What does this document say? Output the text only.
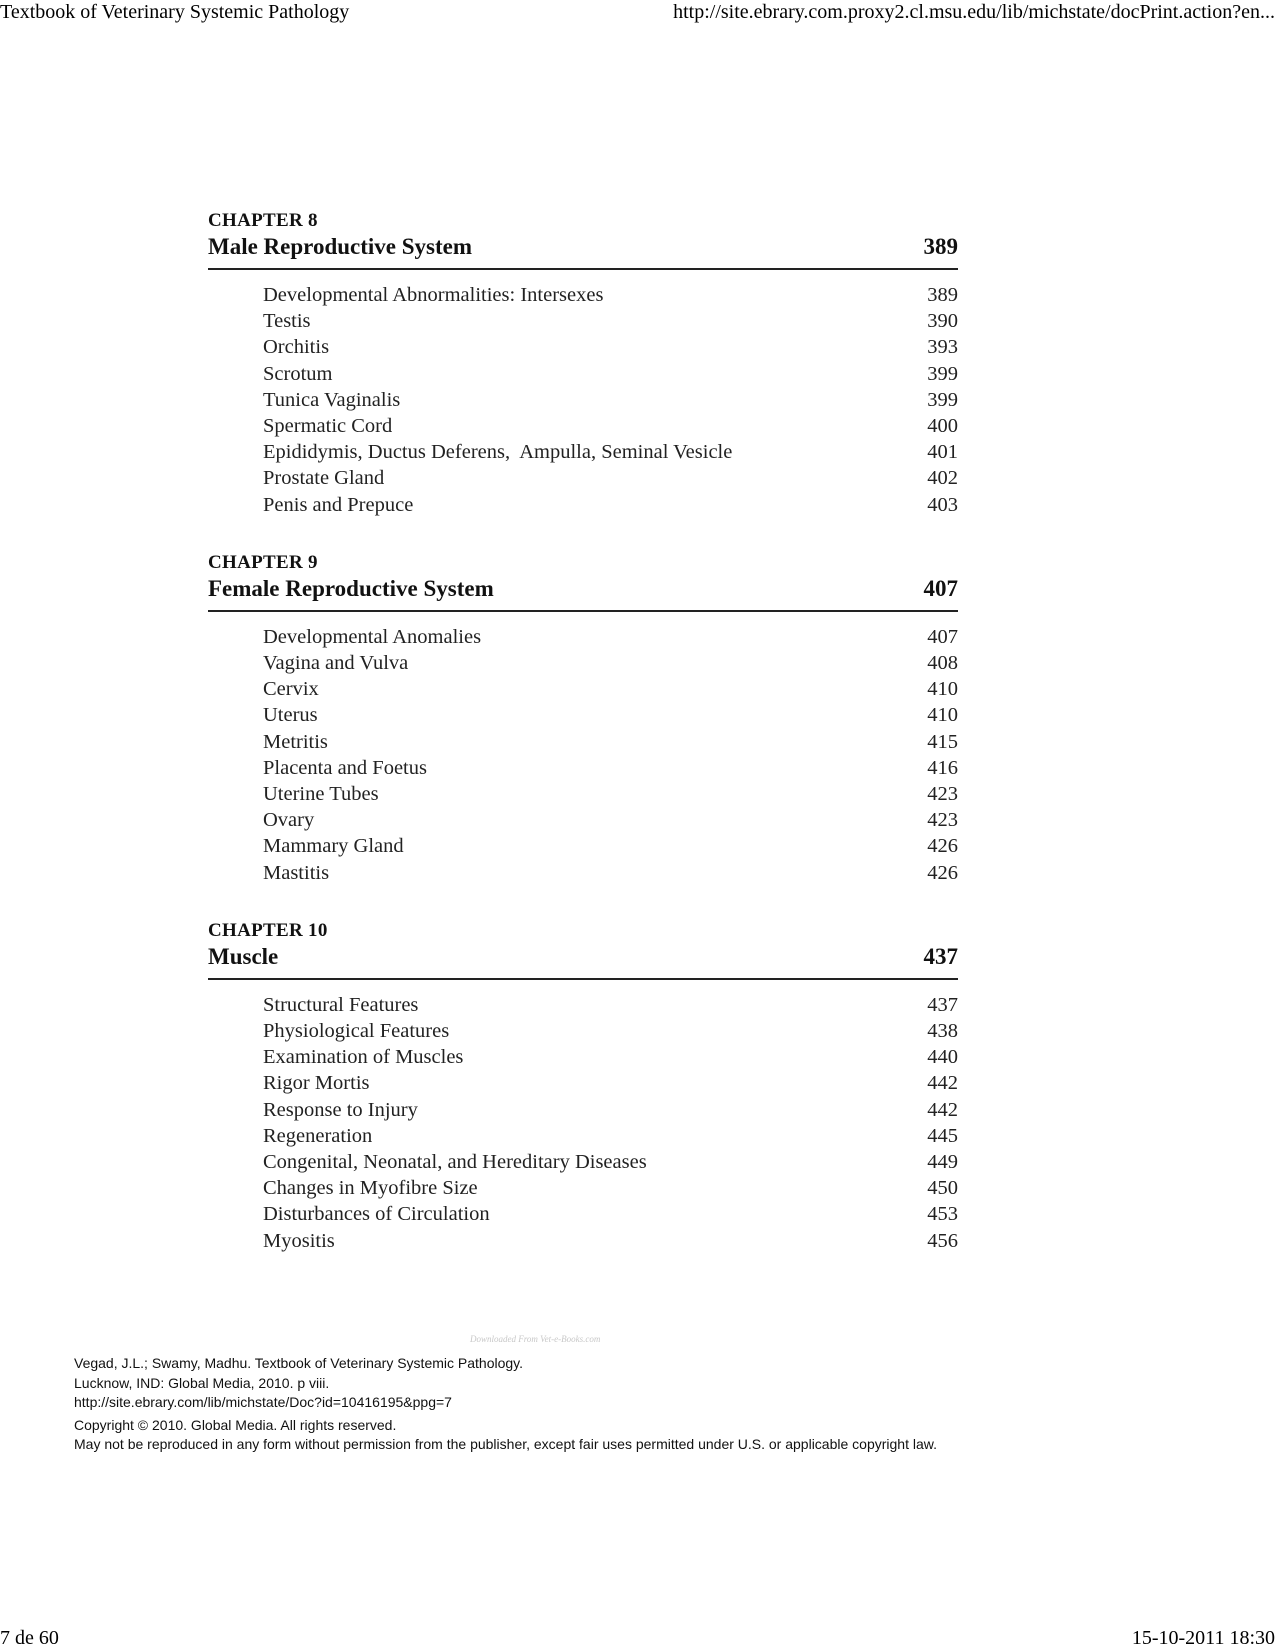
Textbook of Veterinary Systemic Pathology	http://site.ebrary.com.proxy2.cl.msu.edu/lib/michstate/docPrint.action?en...
CHAPTER 8
Male Reproductive System	389
Developmental Abnormalities: Intersexes	389
Testis	390
Orchitis	393
Scrotum	399
Tunica Vaginalis	399
Spermatic Cord	400
Epididymis, Ductus Deferens,  Ampulla, Seminal Vesicle	401
Prostate Gland	402
Penis and Prepuce	403
CHAPTER 9
Female Reproductive System	407
Developmental Anomalies	407
Vagina and Vulva	408
Cervix	410
Uterus	410
Metritis	415
Placenta and Foetus	416
Uterine Tubes	423
Ovary	423
Mammary Gland	426
Mastitis	426
CHAPTER 10
Muscle	437
Structural Features	437
Physiological Features	438
Examination of Muscles	440
Rigor Mortis	442
Response to Injury	442
Regeneration	445
Congenital, Neonatal, and Hereditary Diseases	449
Changes in Myofibre Size	450
Disturbances of Circulation	453
Myositis	456
Downloaded From Vet-e-Books.com
Vegad, J.L.; Swamy, Madhu. Textbook of Veterinary Systemic Pathology.
Lucknow, IND: Global Media, 2010. p viii.
http://site.ebrary.com/lib/michstate/Doc?id=10416195&ppg=7
Copyright © 2010. Global Media. All rights reserved.
May not be reproduced in any form without permission from the publisher, except fair uses permitted under U.S. or applicable copyright law.
7 de 60	15-10-2011 18:30
